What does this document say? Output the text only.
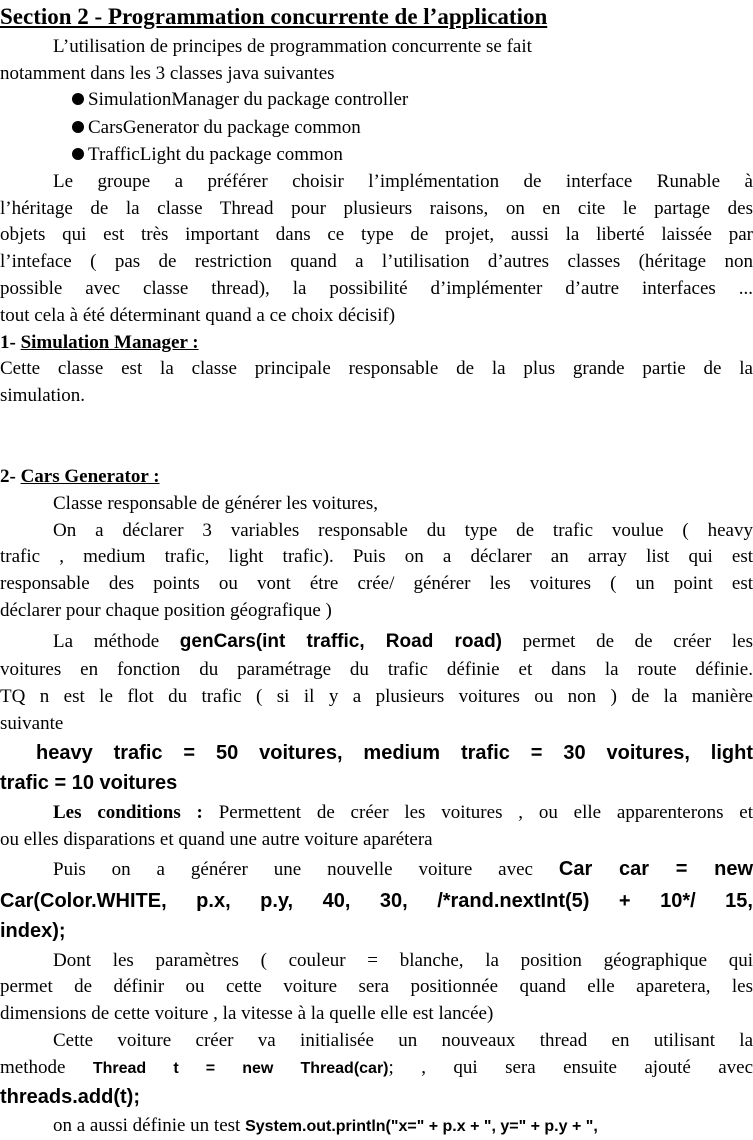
Section 2 - Programmation concurrente de l’application
L’utilisation de principes de programmation concurrente se fait
notamment dans les 3 classes java suivantes
SimulationManager du package controller
CarsGenerator du package common
TrafficLight du package common
Le groupe a préférer choisir l’implémentation de interface Runable à
l’héritage de la classe Thread pour plusieurs raisons, on en cite le partage des
objets qui est très important dans ce type de projet, aussi la liberté laissée par
l’inteface ( pas de restriction quand a l’utilisation d’autres classes (héritage non
possible avec classe thread), la possibilité d’implémenter d’autre interfaces ...
tout cela à été déterminant quand a ce choix décisif)
1- Simulation Manager :
Cette classe est la classe principale responsable de la plus grande partie de la
simulation.
2- Cars Generator :
Classe responsable de générer les voitures,
On a déclarer 3 variables responsable du type de trafic voulue ( heavy
trafic , medium trafic, light trafic). Puis on a déclarer an array list qui est
responsable des points ou vont étre crée/ générer les voitures ( un point est
déclarer pour chaque position géografique )
La méthode genCars(int traffic, Road road) permet de de créer les
voitures en fonction du paramétrage du trafic définie et dans la route définie.
TQ n est le flot du trafic ( si il y a plusieurs voitures ou non ) de la manière
suivante
heavy trafic = 50 voitures, medium trafic = 30 voitures, light
trafic = 10 voitures
Les conditions : Permettent de créer les voitures , ou elle apparenterons et
ou elles disparations et quand une autre voiture aparétera
Puis on a générer une nouvelle voiture avec Car car = new
Car(Color.WHITE, p.x, p.y, 40, 30, /*rand.nextInt(5) + 10*/ 15,
index);
Dont les paramètres ( couleur = blanche, la position géographique qui
permet de définir ou cette voiture sera positionnée quand elle aparetera, les
dimensions de cette voiture , la vitesse à la quelle elle est lancée)
Cette voiture créer va initialisée un nouveaux thread en utilisant la
methode Thread t = new Thread(car); , qui sera ensuite ajouté avec
threads.add(t);
on a aussi définie un test System.out.println("x=" + p.x + ", y=" + p.y + ",
